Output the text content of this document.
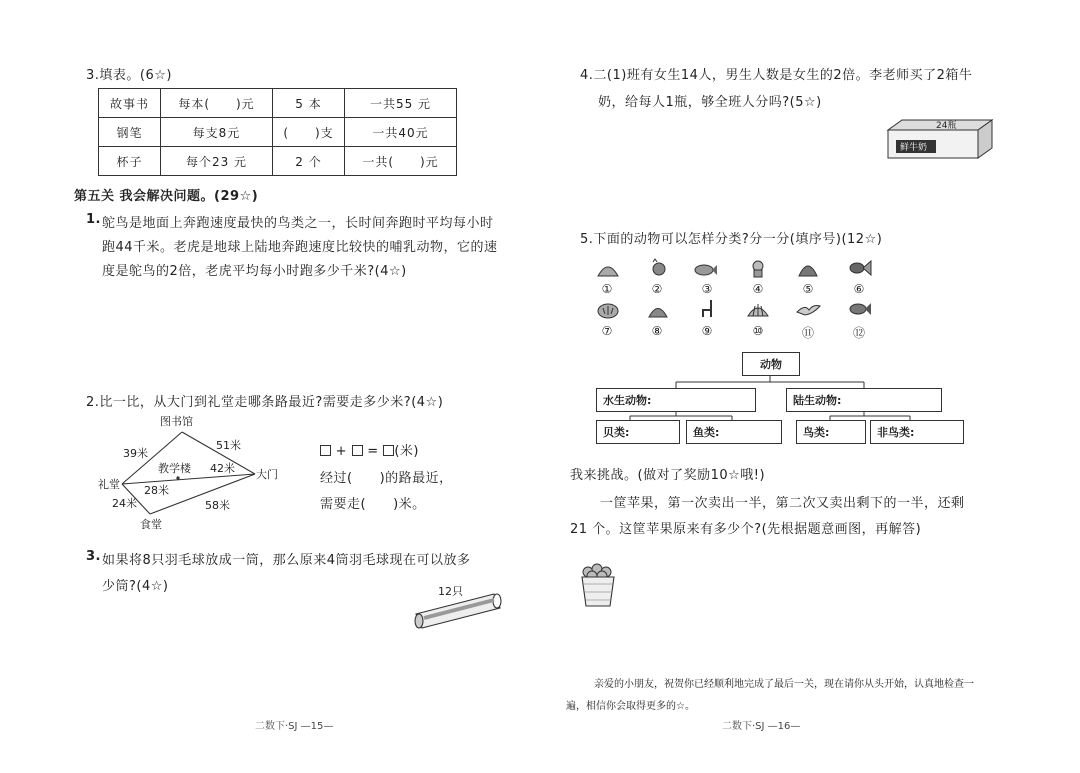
3.填表。(6☆)
故事书	每本(　　)元	5 本	一共55 元
钢笔	每支8元	(　　)支	一共40元
杯子	每个23 元	2 个	一共(　　)元
第五关 我会解决问题。(29☆)
1. 鸵鸟是地面上奔跑速度最快的鸟类之一，长时间奔跑时平均每小时
跑44千米。老虎是地球上陆地奔跑速度比较快的哺乳动物，它的速
度是鸵鸟的2倍，老虎平均每小时跑多少千米?(4☆)
2.比一比，从大门到礼堂走哪条路最近?需要走多少米?(4☆)
图书馆
大门
礼堂
食堂
教学楼
39米
51米
42米
28米
24米	58米
+  = (米)
经过(　　)的路最近，
需要走(　　)米。
3. 如果将8只羽毛球放成一筒，那么原来4筒羽毛球现在可以放多
少筒?(4☆)	12只
二数下·SJ —15—
4.二(1)班有女生14人，男生人数是女生的2倍。李老师买了2箱牛
奶，给每人1瓶，够全班人分吗?(5☆)
鲜牛奶
24瓶
5.下面的动物可以怎样分类?分一分(填序号)(12☆)
①	②	③	④	⑤	⑥
⑦	⑧	⑨	⑩	⑪	⑫
动物
水生动物:	陆生动物:
贝类:	鱼类:	鸟类:	非鸟类:
我来挑战。(做对了奖励10☆哦!)
一筐苹果，第一次卖出一半，第二次又卖出剩下的一半，还剩
21 个。这筐苹果原来有多少个?(先根据题意画图，再解答)
亲爱的小朋友，祝贺你已经顺利地完成了最后一关，现在请你从头开始，认真地检查一
遍，相信你会取得更多的☆。
二数下·SJ —16—
